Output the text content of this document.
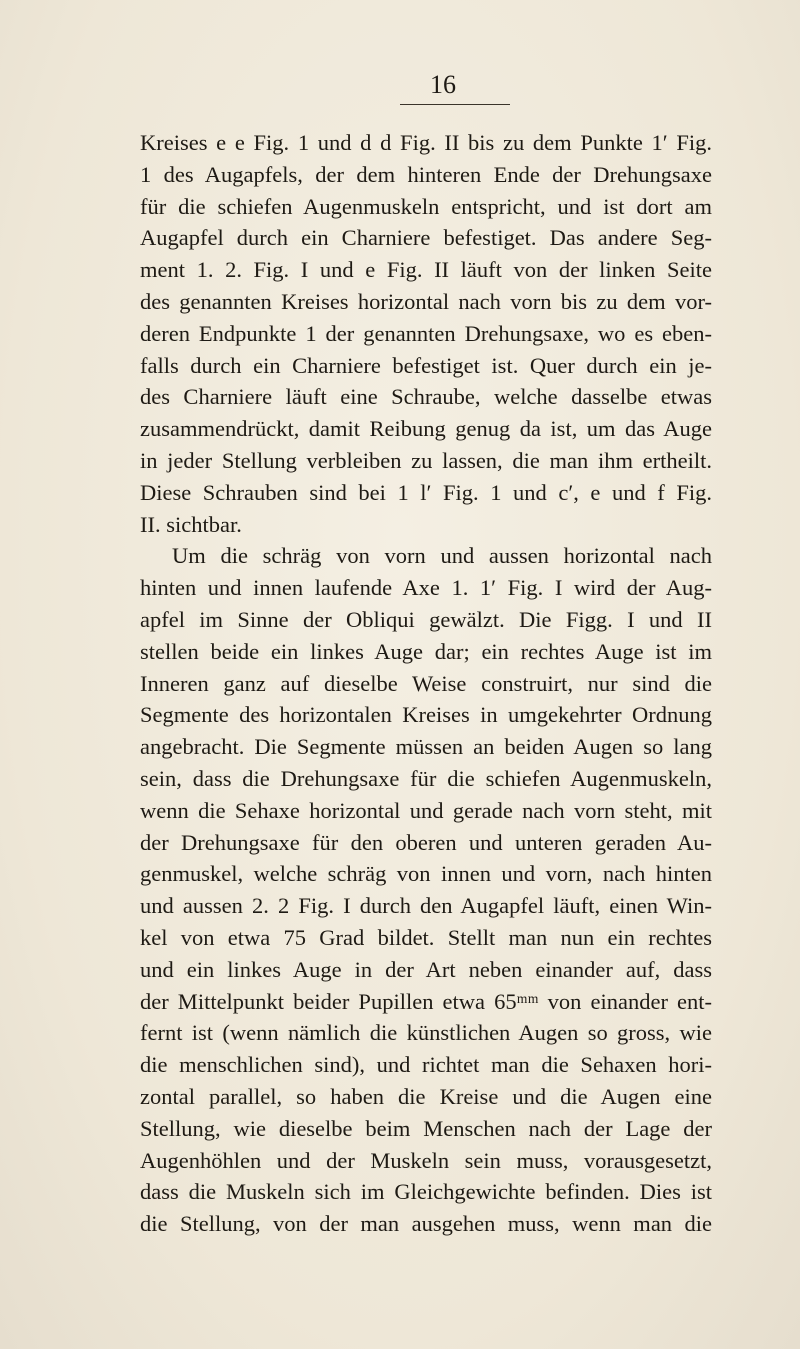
16
Kreises e e Fig. 1 und d d Fig. II bis zu dem Punkte 1′ Fig.
1 des Augapfels, der dem hinteren Ende der Drehungsaxe
für die schiefen Augenmuskeln entspricht, und ist dort am
Augapfel durch ein Charniere befestiget. Das andere Seg-
ment 1. 2. Fig. I und e Fig. II läuft von der linken Seite
des genannten Kreises horizontal nach vorn bis zu dem vor-
deren Endpunkte 1 der genannten Drehungsaxe, wo es eben-
falls durch ein Charniere befestiget ist. Quer durch ein je-
des Charniere läuft eine Schraube, welche dasselbe etwas
zusammendrückt, damit Reibung genug da ist, um das Auge
in jeder Stellung verbleiben zu lassen, die man ihm ertheilt.
Diese Schrauben sind bei 1 l′ Fig. 1 und c′, e und f Fig.
II. sichtbar.
Um die schräg von vorn und aussen horizontal nach
hinten und innen laufende Axe 1. 1′ Fig. I wird der Aug-
apfel im Sinne der Obliqui gewälzt. Die Figg. I und II
stellen beide ein linkes Auge dar; ein rechtes Auge ist im
Inneren ganz auf dieselbe Weise construirt, nur sind die
Segmente des horizontalen Kreises in umgekehrter Ordnung
angebracht. Die Segmente müssen an beiden Augen so lang
sein, dass die Drehungsaxe für die schiefen Augenmuskeln,
wenn die Sehaxe horizontal und gerade nach vorn steht, mit
der Drehungsaxe für den oberen und unteren geraden Au-
genmuskel, welche schräg von innen und vorn, nach hinten
und aussen 2. 2 Fig. I durch den Augapfel läuft, einen Win-
kel von etwa 75 Grad bildet. Stellt man nun ein rechtes
und ein linkes Auge in der Art neben einander auf, dass
der Mittelpunkt beider Pupillen etwa 65ᵐᵐ von einander ent-
fernt ist (wenn nämlich die künstlichen Augen so gross, wie
die menschlichen sind), und richtet man die Sehaxen hori-
zontal parallel, so haben die Kreise und die Augen eine
Stellung, wie dieselbe beim Menschen nach der Lage der
Augenhöhlen und der Muskeln sein muss, vorausgesetzt,
dass die Muskeln sich im Gleichgewichte befinden. Dies ist
die Stellung, von der man ausgehen muss, wenn man die
